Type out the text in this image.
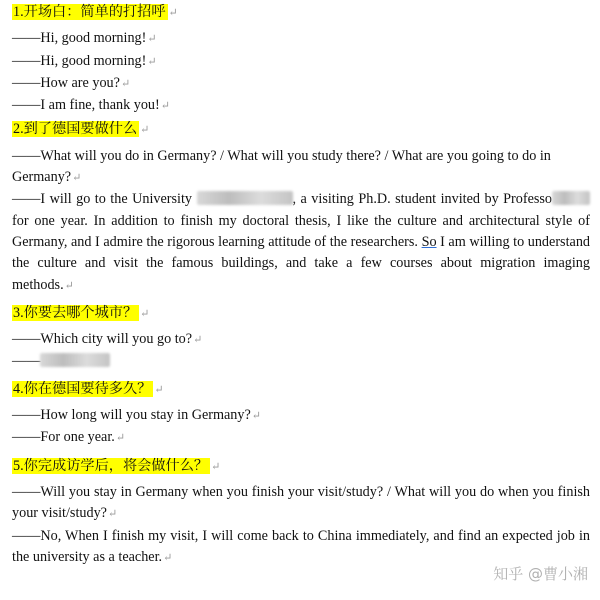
1.开场白：简单的打招呼 ↵
——Hi, good morning!↵
——Hi, good morning!↵
——How are you?↵
——I am fine, thank you!↵
2.到了德国要做什么 ↵
——What will you do in Germany? / What will you study there? / What are you going to do in Germany?↵
——I will go to the University	, a visiting Ph.D. student invited by Professo for one year. In addition to finish my doctoral thesis, I like the culture and architectural style of Germany, and I admire the rigorous learning attitude of the researchers. So I am willing to understand the culture and visit the famous buildings, and take a few courses about migration imaging methods.↵
3.你要去哪个城市？ ↵
——Which city will you go to?↵
——
4.你在德国要待多久？ ↵
——How long will you stay in Germany?↵
——For one year.↵
5.你完成访学后，将会做什么？ ↵
——Will you stay in Germany when you finish your visit/study? / What will you do when you finish your visit/study?↵
——No, When I finish my visit, I will come back to China immediately, and find an expected job in the university as a teacher.↵
知乎 @曹小湘
